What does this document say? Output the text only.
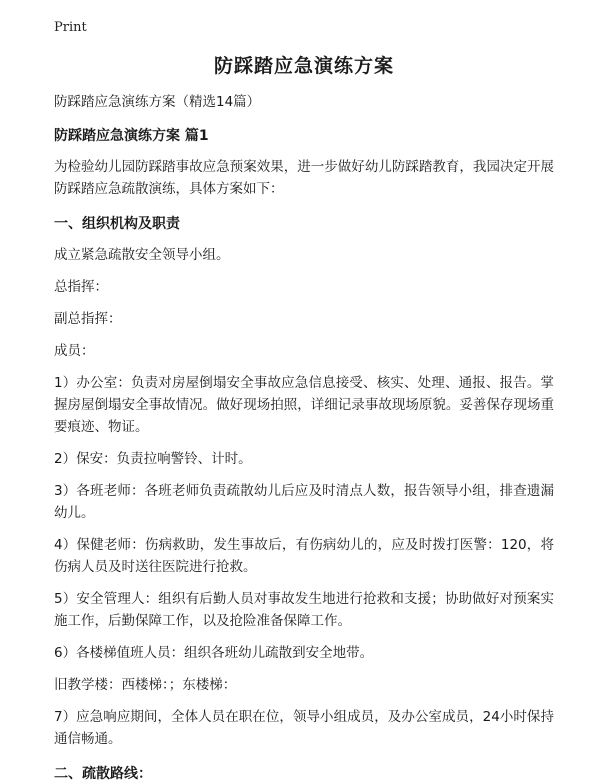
Print
防踩踏应急演练方案

防踩踏应急演练方案（精选14篇）

防踩踏应急演练方案 篇1

为检验幼儿园防踩踏事故应急预案效果，进一步做好幼儿防踩踏教育，我园决定开展防踩踏应急疏散演练，具体方案如下：

一、组织机构及职责

成立紧急疏散安全领导小组。

总指挥：

副总指挥：

成员：

1）办公室：负责对房屋倒塌安全事故应急信息接受、核实、处理、通报、报告。掌握房屋倒塌安全事故情况。做好现场拍照，详细记录事故现场原貌。妥善保存现场重要痕迹、物证。

2）保安：负责拉响警铃、计时。

3）各班老师：各班老师负责疏散幼儿后应及时清点人数，报告领导小组，排查遗漏幼儿。

4）保健老师：伤病救助，发生事故后，有伤病幼儿的，应及时拨打医警：120，将伤病人员及时送往医院进行抢救。

5）安全管理人：组织有后勤人员对事故发生地进行抢救和支援；协助做好对预案实施工作，后勤保障工作，以及抢险准备保障工作。

6）各楼梯值班人员：组织各班幼儿疏散到安全地带。

旧教学楼：西楼梯：；东楼梯：

7）应急响应期间，全体人员在职在位，领导小组成员，及办公室成员，24小时保持通信畅通。

二、疏散路线：
